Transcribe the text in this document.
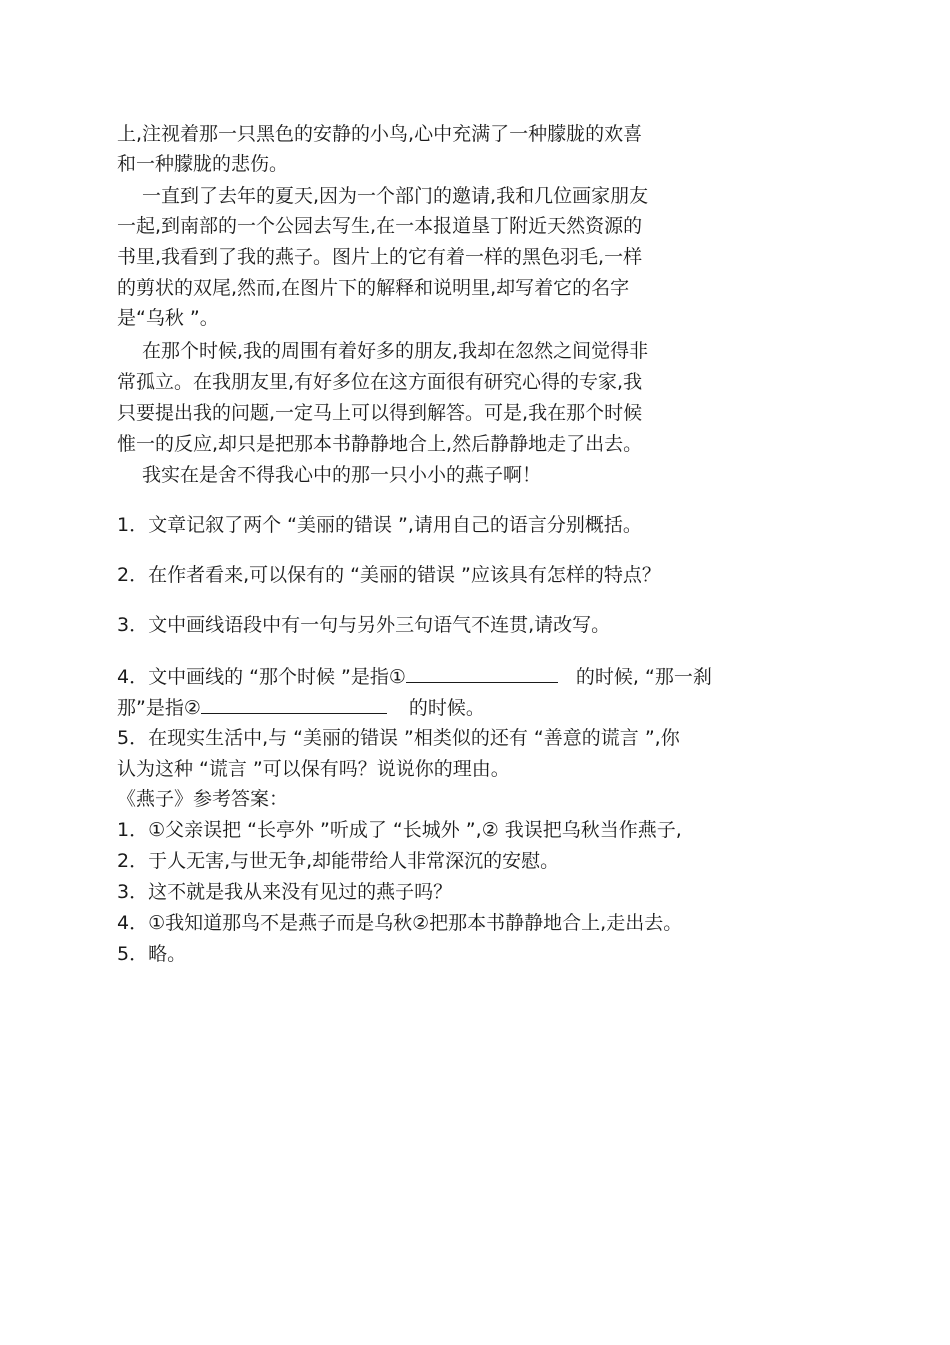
上,注视着那一只黑色的安静的小鸟,心中充满了一种朦胧的欢喜
和一种朦胧的悲伤。
一直到了去年的夏天,因为一个部门的邀请,我和几位画家朋友
一起,到南部的一个公园去写生,在一本报道垦丁附近天然资源的
书里,我看到了我的燕子。图片上的它有着一样的黑色羽毛,一样
的剪状的双尾,然而,在图片下的解释和说明里,却写着它的名字
是“乌秋 ”。
在那个时候,我的周围有着好多的朋友,我却在忽然之间觉得非
常孤立。在我朋友里,有好多位在这方面很有研究心得的专家,我
只要提出我的问题,一定马上可以得到解答。可是,我在那个时候
惟一的反应,却只是把那本书静静地合上,然后静静地走了出去。
我实在是舍不得我心中的那一只小小的燕子啊！
1．文章记叙了两个 “美丽的错误 ”,请用自己的语言分别概括。
2．在作者看来,可以保有的 “美丽的错误 ”应该具有怎样的特点？
3．文中画线语段中有一句与另外三句语气不连贯,请改写。
4．文中画线的 “那个时候 ”是指①	的时候, “那一刹
那”是指②	的时候。
5．在现实生活中,与 “美丽的错误 ”相类似的还有 “善意的谎言 ”,你
认为这种 “谎言 ”可以保有吗？说说你的理由。
《燕子》参考答案：
1．①父亲误把 “长亭外 ”听成了 “长城外 ”,② 我误把乌秋当作燕子,
2．于人无害,与世无争,却能带给人非常深沉的安慰。
3．这不就是我从来没有见过的燕子吗？
4．①我知道那鸟不是燕子而是乌秋②把那本书静静地合上,走出去。
5．略。
